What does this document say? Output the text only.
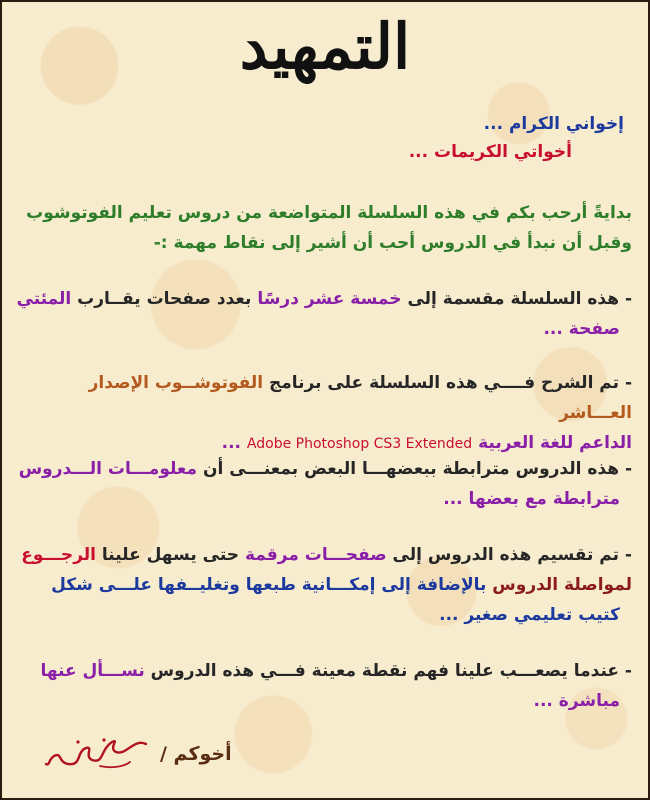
التمهيد
إخواني الكرام ...
أخواتي الكريمات ...
بدايةً أرحب بكم في هذه السلسلة المتواضعة من دروس تعليم الفوتوشوب
وقبل أن نبدأ في الدروس أحب أن أشير إلى نقاط مهمة :-
- هذه السلسلة مقسمة إلى خمسة عشر درسًا بعدد صفحات يقــارب المئتي
صفحة ...
- تم الشرح فــــي هذه السلسلة على برنامج الفوتوشــوب الإصدار العـــاشر
الداعم للغة العربية Adobe Photoshop CS3 Extended ...
- هذه الدروس مترابطة ببعضهـــا البعض بمعنـــى أن معلومـــات الـــدروس
مترابطة مع بعضها ...
- تم تقسيم هذه الدروس إلى صفحـــات مرقمة حتى يسهل علينا الرجـــوع
لمواصلة الدروس بالإضافة إلى إمكـــانية طبعها وتغليــفها علـــى شكل
كتيب تعليمي صغير ...
- عندما يصعـــب علينا فهم نقطة معينة فـــي هذه الدروس نســـأل عنها
مباشرة ...
أخوكم /
